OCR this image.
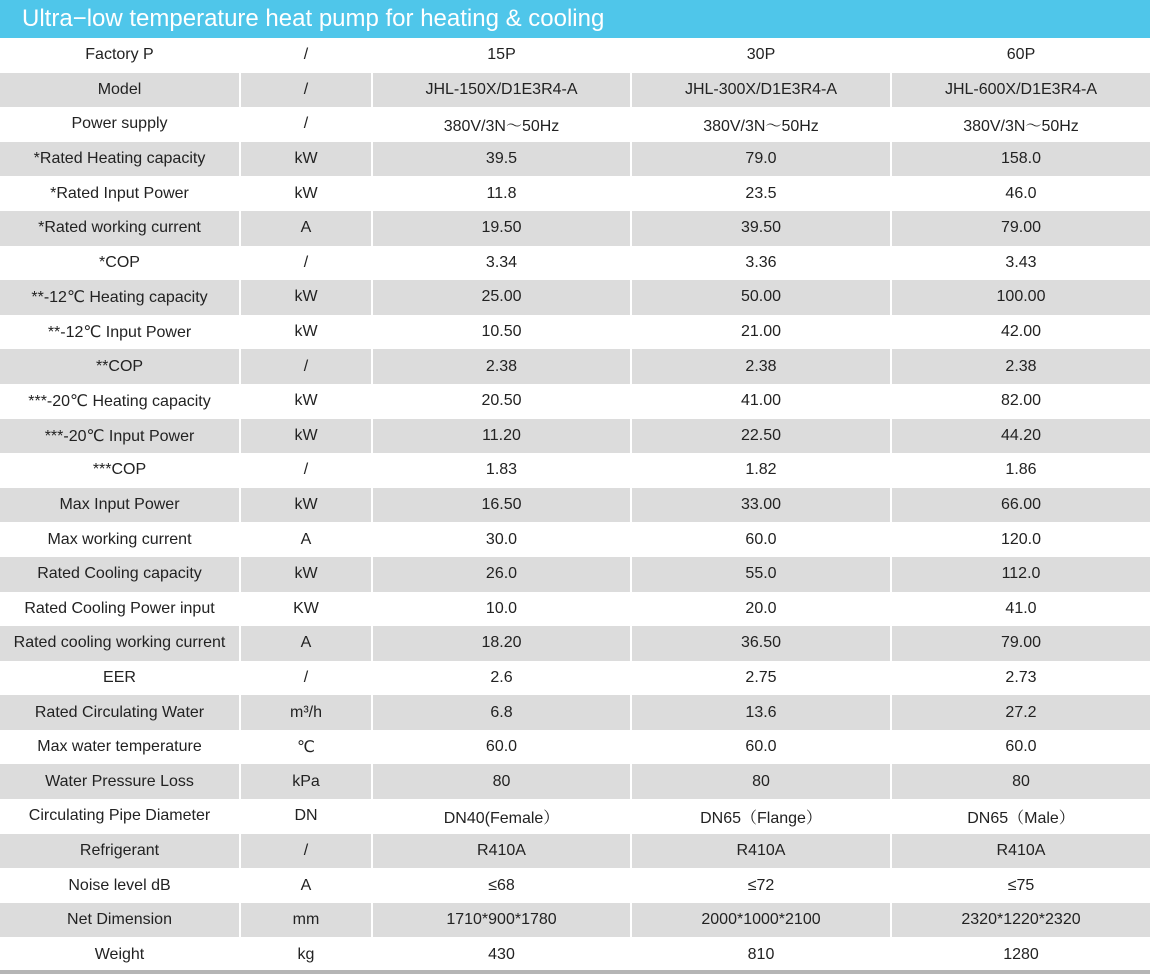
Ultra−low temperature heat pump for heating & cooling
Factory P	/	15P	30P	60P
Model	/	JHL-150X/D1E3R4-A	JHL-300X/D1E3R4-A	JHL-600X/D1E3R4-A
Power supply	/	380V/3N～50Hz	380V/3N～50Hz	380V/3N～50Hz
*Rated Heating capacity	kW	39.5	79.0	158.0
*Rated Input Power	kW	11.8	23.5	46.0
*Rated working current	A	19.50	39.50	79.00
*COP	/	3.34	3.36	3.43
**-12℃ Heating capacity	kW	25.00	50.00	100.00
**-12℃ Input Power	kW	10.50	21.00	42.00
**COP	/	2.38	2.38	2.38
***-20℃ Heating capacity	kW	20.50	41.00	82.00
***-20℃ Input Power	kW	11.20	22.50	44.20
***COP	/	1.83	1.82	1.86
Max Input Power	kW	16.50	33.00	66.00
Max working current	A	30.0	60.0	120.0
Rated Cooling capacity	kW	26.0	55.0	112.0
Rated Cooling Power input	KW	10.0	20.0	41.0
Rated cooling working current	A	18.20	36.50	79.00
EER	/	2.6	2.75	2.73
Rated Circulating Water	m³/h	6.8	13.6	27.2
Max water temperature	℃	60.0	60.0	60.0
Water Pressure Loss	kPa	80	80	80
Circulating Pipe Diameter	DN	DN40(Female）	DN65（Flange）	DN65（Male）
Refrigerant	/	R410A	R410A	R410A
Noise level dB	A	≤68	≤72	≤75
Net Dimension	mm	1710*900*1780	2000*1000*2100	2320*1220*2320
Weight	kg	430	810	1280
